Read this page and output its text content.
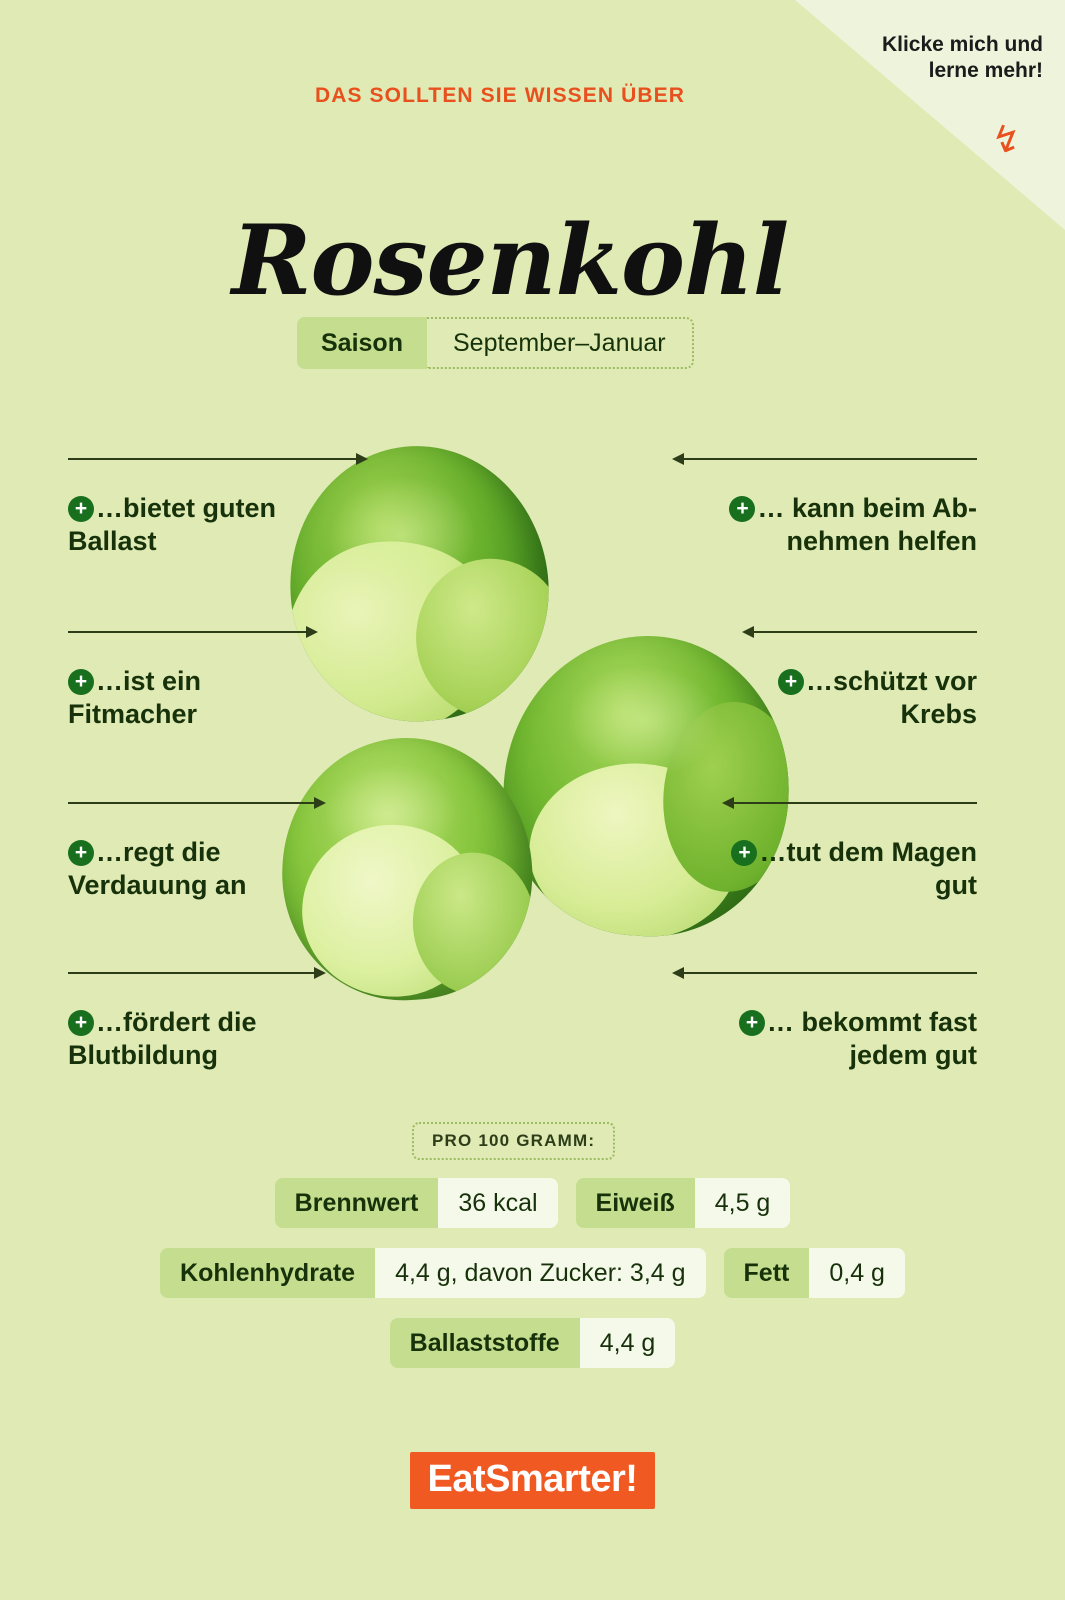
Klicke mich und lerne mehr!
↯
DAS SOLLTEN SIE WISSEN ÜBER
Rosenkohl
Saison	September–Januar
+ …bietet guten Ballast
+ …ist ein Fitmacher
+ …regt die Verdauung an
+ …fördert die Blutbildung
+ … kann beim Ab-nehmen helfen
+ …schützt vor Krebs
+ …tut dem Magen gut
+ … bekommt fast jedem gut
PRO 100 GRAMM:
Brennwert	36 kcal	Eiweiß	4,5 g
Kohlenhydrate	4,4 g, davon Zucker: 3,4 g	Fett	0,4 g
Ballaststoffe	4,4 g
EatSmarter!
